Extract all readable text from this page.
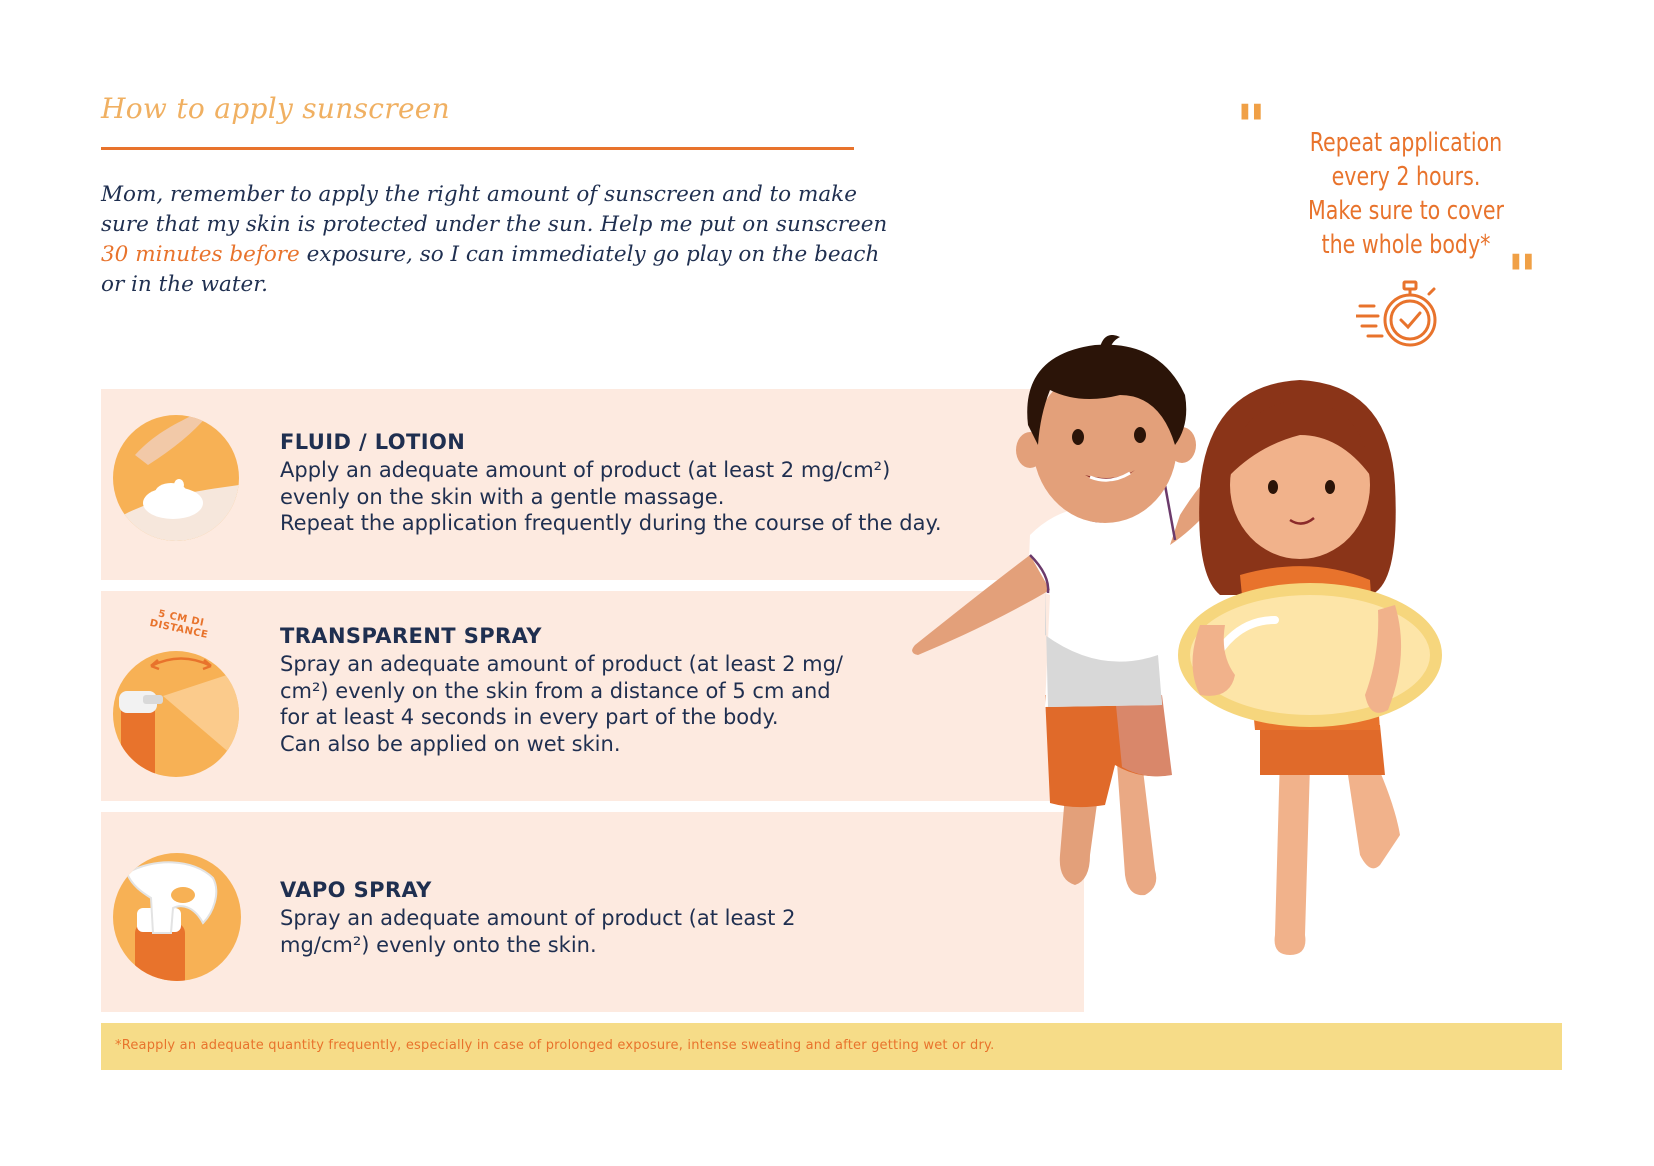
How to apply sunscreen
Mom, remember to apply the right amount of sunscreen and to make sure that my skin is protected under the sun. Help me put on sunscreen 30 minutes before exposure, so I can immediately go play on the beach or in the water.
"	Repeat application
every 2 hours.
Make sure to cover
the whole body* "
FLUID / LOTION
Apply an adequate amount of product (at least 2 mg/cm²)
evenly on the skin with a gentle massage.
Repeat the application frequently during the course of the day.
5 CM DI DISTANCE	TRANSPARENT SPRAY
Spray an adequate amount of product (at least 2 mg/
cm²) evenly on the skin from a distance of 5 cm and
for at least 4 seconds in every part of the body.
Can also be applied on wet skin.
VAPO SPRAY
Spray an adequate amount of product (at least 2
mg/cm²) evenly onto the skin.
*Reapply an adequate quantity frequently, especially in case of prolonged exposure, intense sweating and after getting wet or dry.
